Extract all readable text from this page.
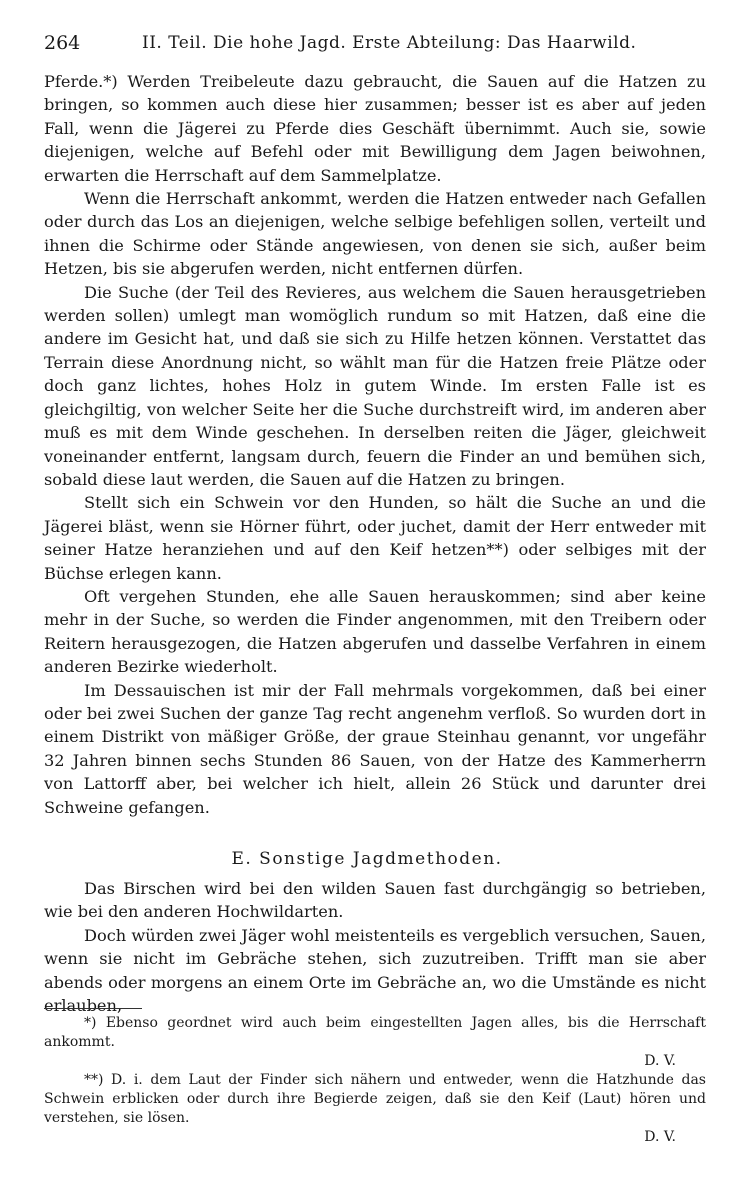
264	II. Teil. Die hohe Jagd. Erste Abteilung: Das Haarwild.

Pferde.*) Werden Treibeleute dazu gebraucht, die Sauen auf die Hatzen zu bringen, so kommen auch diese hier zusammen; besser ist es aber auf jeden Fall, wenn die Jägerei zu Pferde dies Geschäft übernimmt. Auch sie, sowie diejenigen, welche auf Befehl oder mit Bewilligung dem Jagen beiwohnen, erwarten die Herrschaft auf dem Sammelplatze.

Wenn die Herrschaft ankommt, werden die Hatzen entweder nach Gefallen oder durch das Los an diejenigen, welche selbige befehligen sollen, verteilt und ihnen die Schirme oder Stände angewiesen, von denen sie sich, außer beim Hetzen, bis sie abgerufen werden, nicht entfernen dürfen.

Die Suche (der Teil des Revieres, aus welchem die Sauen herausgetrieben werden sollen) umlegt man womöglich rundum so mit Hatzen, daß eine die andere im Gesicht hat, und daß sie sich zu Hilfe hetzen können. Verstattet das Terrain diese Anordnung nicht, so wählt man für die Hatzen freie Plätze oder doch ganz lichtes, hohes Holz in gutem Winde. Im ersten Falle ist es gleichgiltig, von welcher Seite her die Suche durchstreift wird, im anderen aber muß es mit dem Winde geschehen. In derselben reiten die Jäger, gleichweit voneinander entfernt, langsam durch, feuern die Finder an und bemühen sich, sobald diese laut werden, die Sauen auf die Hatzen zu bringen.

Stellt sich ein Schwein vor den Hunden, so hält die Suche an und die Jägerei bläst, wenn sie Hörner führt, oder juchet, damit der Herr entweder mit seiner Hatze heranziehen und auf den Keif hetzen**) oder selbiges mit der Büchse erlegen kann.

Oft vergehen Stunden, ehe alle Sauen herauskommen; sind aber keine mehr in der Suche, so werden die Finder angenommen, mit den Treibern oder Reitern herausgezogen, die Hatzen abgerufen und dasselbe Verfahren in einem anderen Bezirke wiederholt.

Im Dessauischen ist mir der Fall mehrmals vorgekommen, daß bei einer oder bei zwei Suchen der ganze Tag recht angenehm verfloß. So wurden dort in einem Distrikt von mäßiger Größe, der graue Steinhau genannt, vor ungefähr 32 Jahren binnen sechs Stunden 86 Sauen, von der Hatze des Kammerherrn von Lattorff aber, bei welcher ich hielt, allein 26 Stück und darunter drei Schweine gefangen.

E. Sonstige Jagdmethoden.

Das Birschen wird bei den wilden Sauen fast durchgängig so betrieben, wie bei den anderen Hochwildarten.

Doch würden zwei Jäger wohl meistenteils es vergeblich versuchen, Sauen, wenn sie nicht im Gebräche stehen, sich zuzutreiben. Trifft man sie aber abends oder morgens an einem Orte im Gebräche an, wo die Umstände es nicht erlauben,

*) Ebenso geordnet wird auch beim eingestellten Jagen alles, bis die Herrschaft ankommt.
D. V.

**) D. i. dem Laut der Finder sich nähern und entweder, wenn die Hatzhunde das Schwein erblicken oder durch ihre Begierde zeigen, daß sie den Keif (Laut) hören und verstehen, sie lösen.
D. V.
